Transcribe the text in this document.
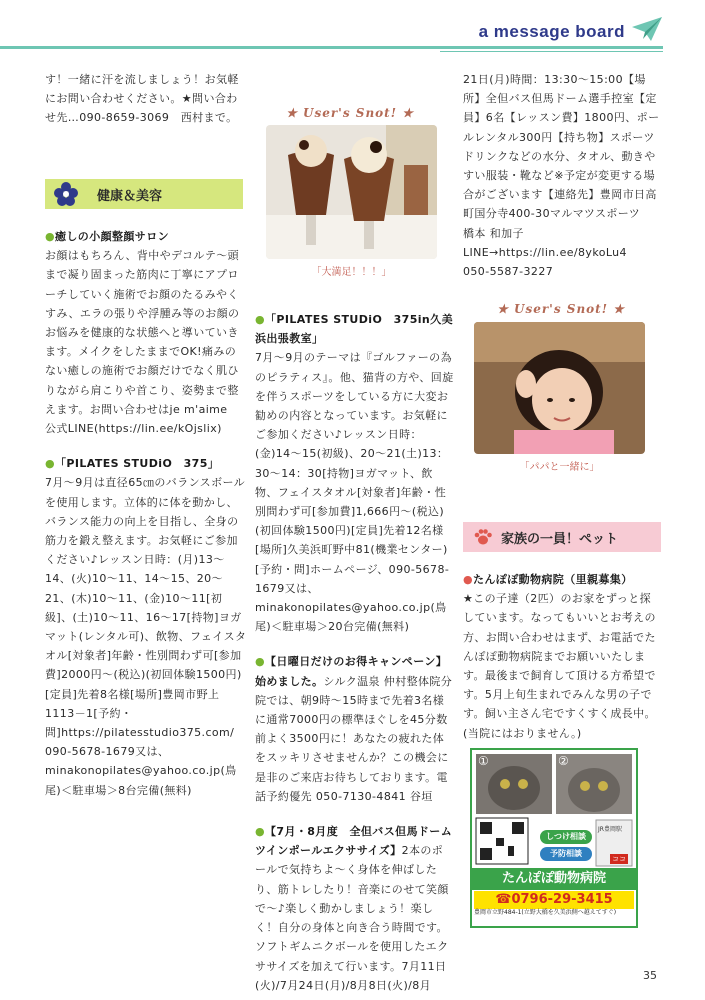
a message board

す！一緒に汗を流しましょう！お気軽にお問い合わせください。★問い合わせ先…090-8659-3069　西村まで。

健康＆美容
●癒しの小顔整顔サロン

お顔はもちろん、背中やデコルテ～頭まで凝り固まった筋肉に丁寧にアプローチしていく施術でお顔のたるみやくすみ、エラの張りや浮腫み等のお顔のお悩みを健康的な状態へと導いていきます。メイクをしたままでOK!痛みのない癒しの施術でお顔だけでなく肌ひりながら肩こりや首こり、姿勢まで整えます。お問い合わせはje m'aime　公式LINE(https://lin.ee/kOjslix)

●「PILATES STUDiO　375」

7月～9月は直径65㎝のバランスボールを使用します。立体的に体を動かし、バランス能力の向上を目指し、全身の筋力を鍛え整えます。お気軽にご参加ください♪レッスン日時：(月)13～14、(火)10～11、14～15、20～21、(木)10～11、(金)10～11[初級]、(土)10～11、16～17[持物]ヨガマット(レンタル可)、飲物、フェイスタオル[対象者]年齢・性別問わず可[参加費]2000円～(税込)(初回体験1500円)[定員]先着8名様[場所]豊岡市野上1113－1[予約・問]https://pilatesstudio375.com/　090-5678-1679又は、minakonopilates@yahoo.co.jp(鳥尾)＜駐車場＞8台完備(無料)

★ User's Snot! ★
「大満足！！！」
●「PILATES STUDiO　375in久美浜出張教室」

7月～9月のテーマは『ゴルファーの為のピラティス』。他、猫背の方や、回旋を伴うスポーツをしている方に大変お勧めの内容となっています。お気軽にご参加ください♪レッスン日時：(金)14～15(初級)、20～21(土)13：30～14：30[持物]ヨガマット、飲物、フェイスタオル[対象者]年齢・性別問わず可[参加費]1,666円～(税込)(初回体験1500円)[定員]先着12名様[場所]久美浜町野中81(機業センター)[予約・問]ホームページ、090-5678-1679又は、minakonopilates@yahoo.co.jp(鳥尾)＜駐車場＞20台完備(無料)

●【日曜日だけのお得キャンペーン】始めました。シルク温泉 仲村整体院分院では、朝9時～15時まで先着3名様に通常7000円の標準ほぐしを45分数前よく3500円に！あなたの疲れた体をスッキリさせませんか？この機会に是非のご来店お待ちしております。電話予約優先 050-7130-4841 谷垣

●【7月・8月度　全但バス但馬ドームツインポールエクササイズ】2本のポールで気持ちよ～く身体を伸ばしたり、筋トレしたり！音楽にのせて笑顔で～♪楽しく動かしましょう！楽しく！自分の身体と向き合う時間です。ソフトギムニクボールを使用したエクササイズを加えて行います。7月11日(火)/7月24日(月)/8月8日(火)/8月

21日(月)時間：13:30～15:00【場所】全但バス但馬ドーム選手控室【定員】6名【レッスン費】1800円、ポールレンタル300円【持ち物】スポーツドリンクなどの水分、タオル、動きやすい服装・靴など※予定が変更する場合がございます【連絡先】豊岡市日高町国分寺400-30マルマツスポーツ　橋本 和加子 LINE→https://lin.ee/8ykoLu4　050-5587-3227

★ User's Snot! ★
「パパと一緒に」
家族の一員！ペット
●たんぽぽ動物病院（里親募集）

★この子達（2匹）のお家をずっと探しています。なってもいいとお考えの方、お問い合わせはまず、お電話でたんぽぽ動物病院までお願いいたします。最後まで飼育して頂ける方希望です。5月上旬生まれでみんな男の子です。飼い主さん宅ですくすく成長中。(当院にはおりません。)

①	②
JR豊岡駅
ココ
しつけ相談
予防相談
たんぽぽ動物病院
☎0796-29-3415
豊岡市立野484-1(立野大橋を久美浜側へ越えてすぐ)
35
